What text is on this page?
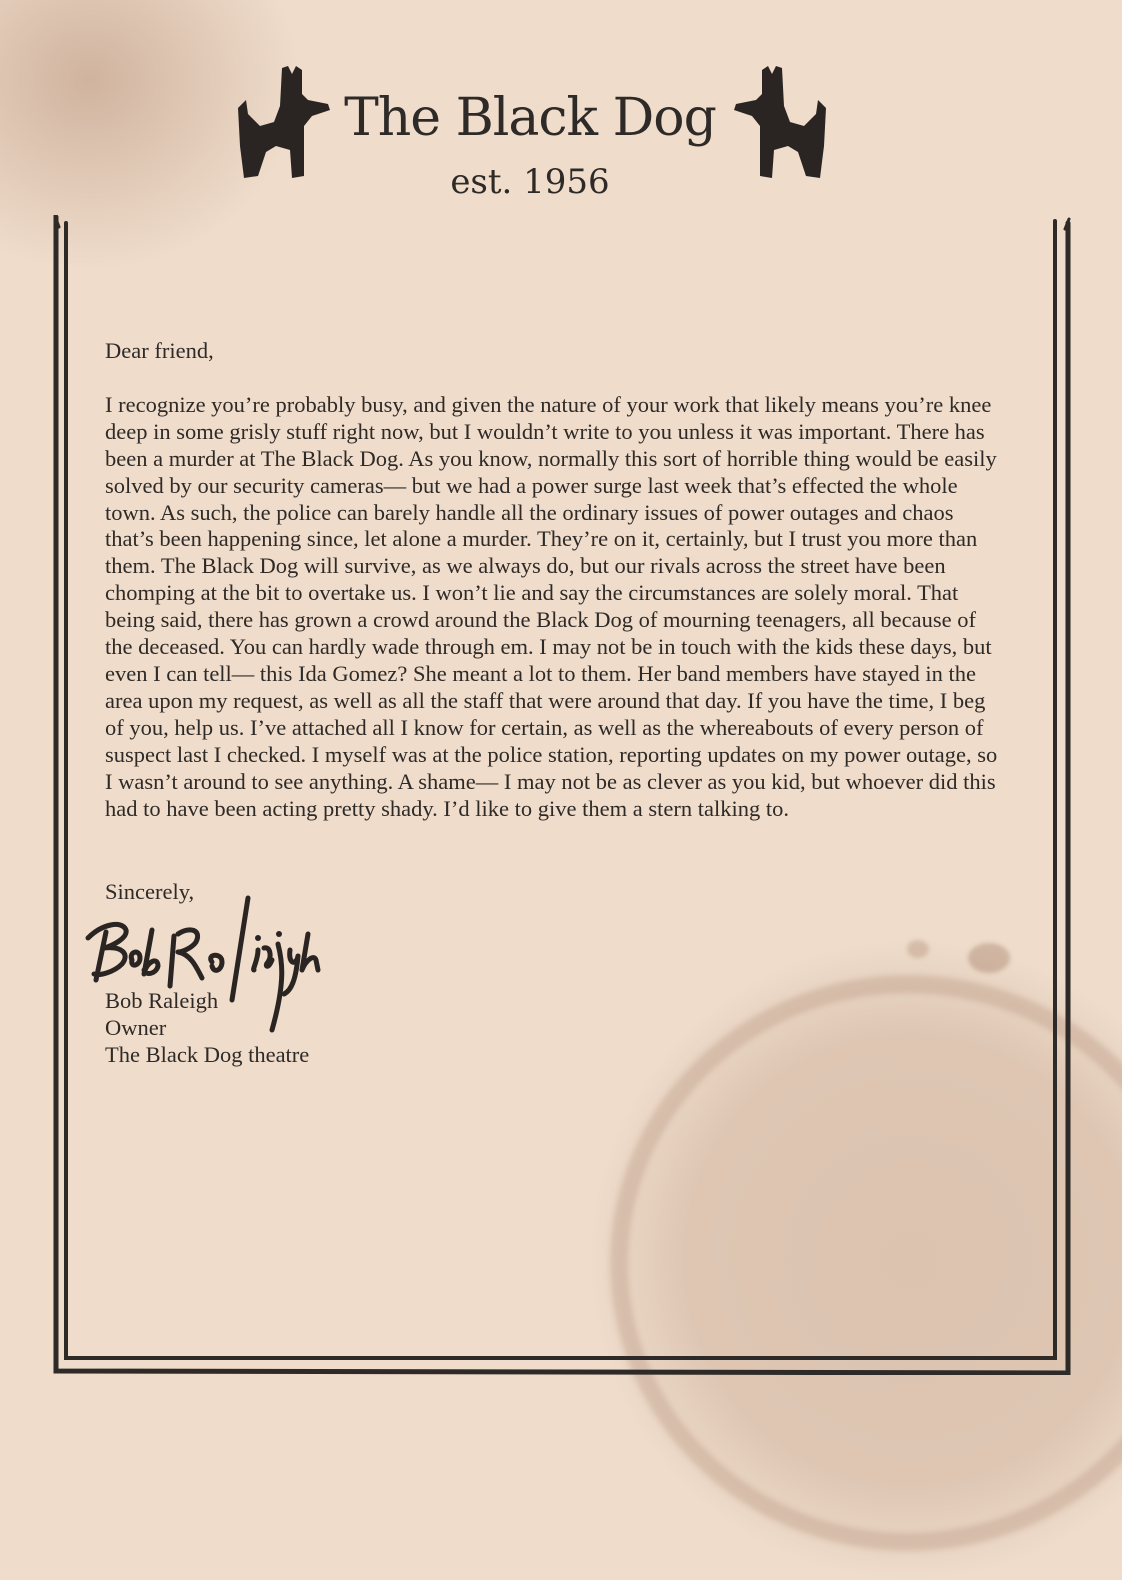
The Black Dog
est. 1956

Dear friend,

I recognize you’re probably busy, and given the nature of your work that likely means you’re knee deep in some grisly stuff right now, but I wouldn’t write to you unless it was important. There has been a murder at The Black Dog. As you know, normally this sort of horrible thing would be easily solved by our security cameras— but we had a power surge last week that’s effected the whole town. As such, the police can barely handle all the ordinary issues of power outages and chaos that’s been happening since, let alone a murder. They’re on it, certainly, but I trust you more than them. The Black Dog will survive, as we always do, but our rivals across the street have been chomping at the bit to overtake us. I won’t lie and say the circumstances are solely moral. That being said, there has grown a crowd around the Black Dog of mourning teenagers, all because of the deceased. You can hardly wade through em. I may not be in touch with the kids these days, but even I can tell— this Ida Gomez? She meant a lot to them. Her band members have stayed in the area upon my request, as well as all the staff that were around that day. If you have the time, I beg of you, help us. I’ve attached all I know for certain, as well as the whereabouts of every person of suspect last I checked. I myself was at the police station, reporting updates on my power outage, so I wasn’t around to see anything. A shame— I may not be as clever as you kid, but whoever did this had to have been acting pretty shady. I’d like to give them a stern talking to.

Sincerely,
Bob Raleigh
Owner
The Black Dog theatre
